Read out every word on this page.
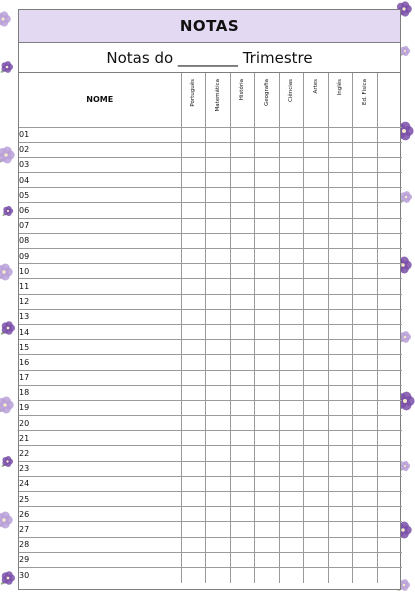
NOTAS
Notas do ________ Trimestre
NOME	Português	Matemática	História	Geografia	Ciências	Artes	Inglês	Ed. Física	

01									
02									
03									
04									
05									
06									
07									
08									
09									
10									
11									
12									
13									
14									
15									
16									
17									
18									
19									
20									
21									
22									
23									
24									
25									
26									
27									
28									
29									
30									
